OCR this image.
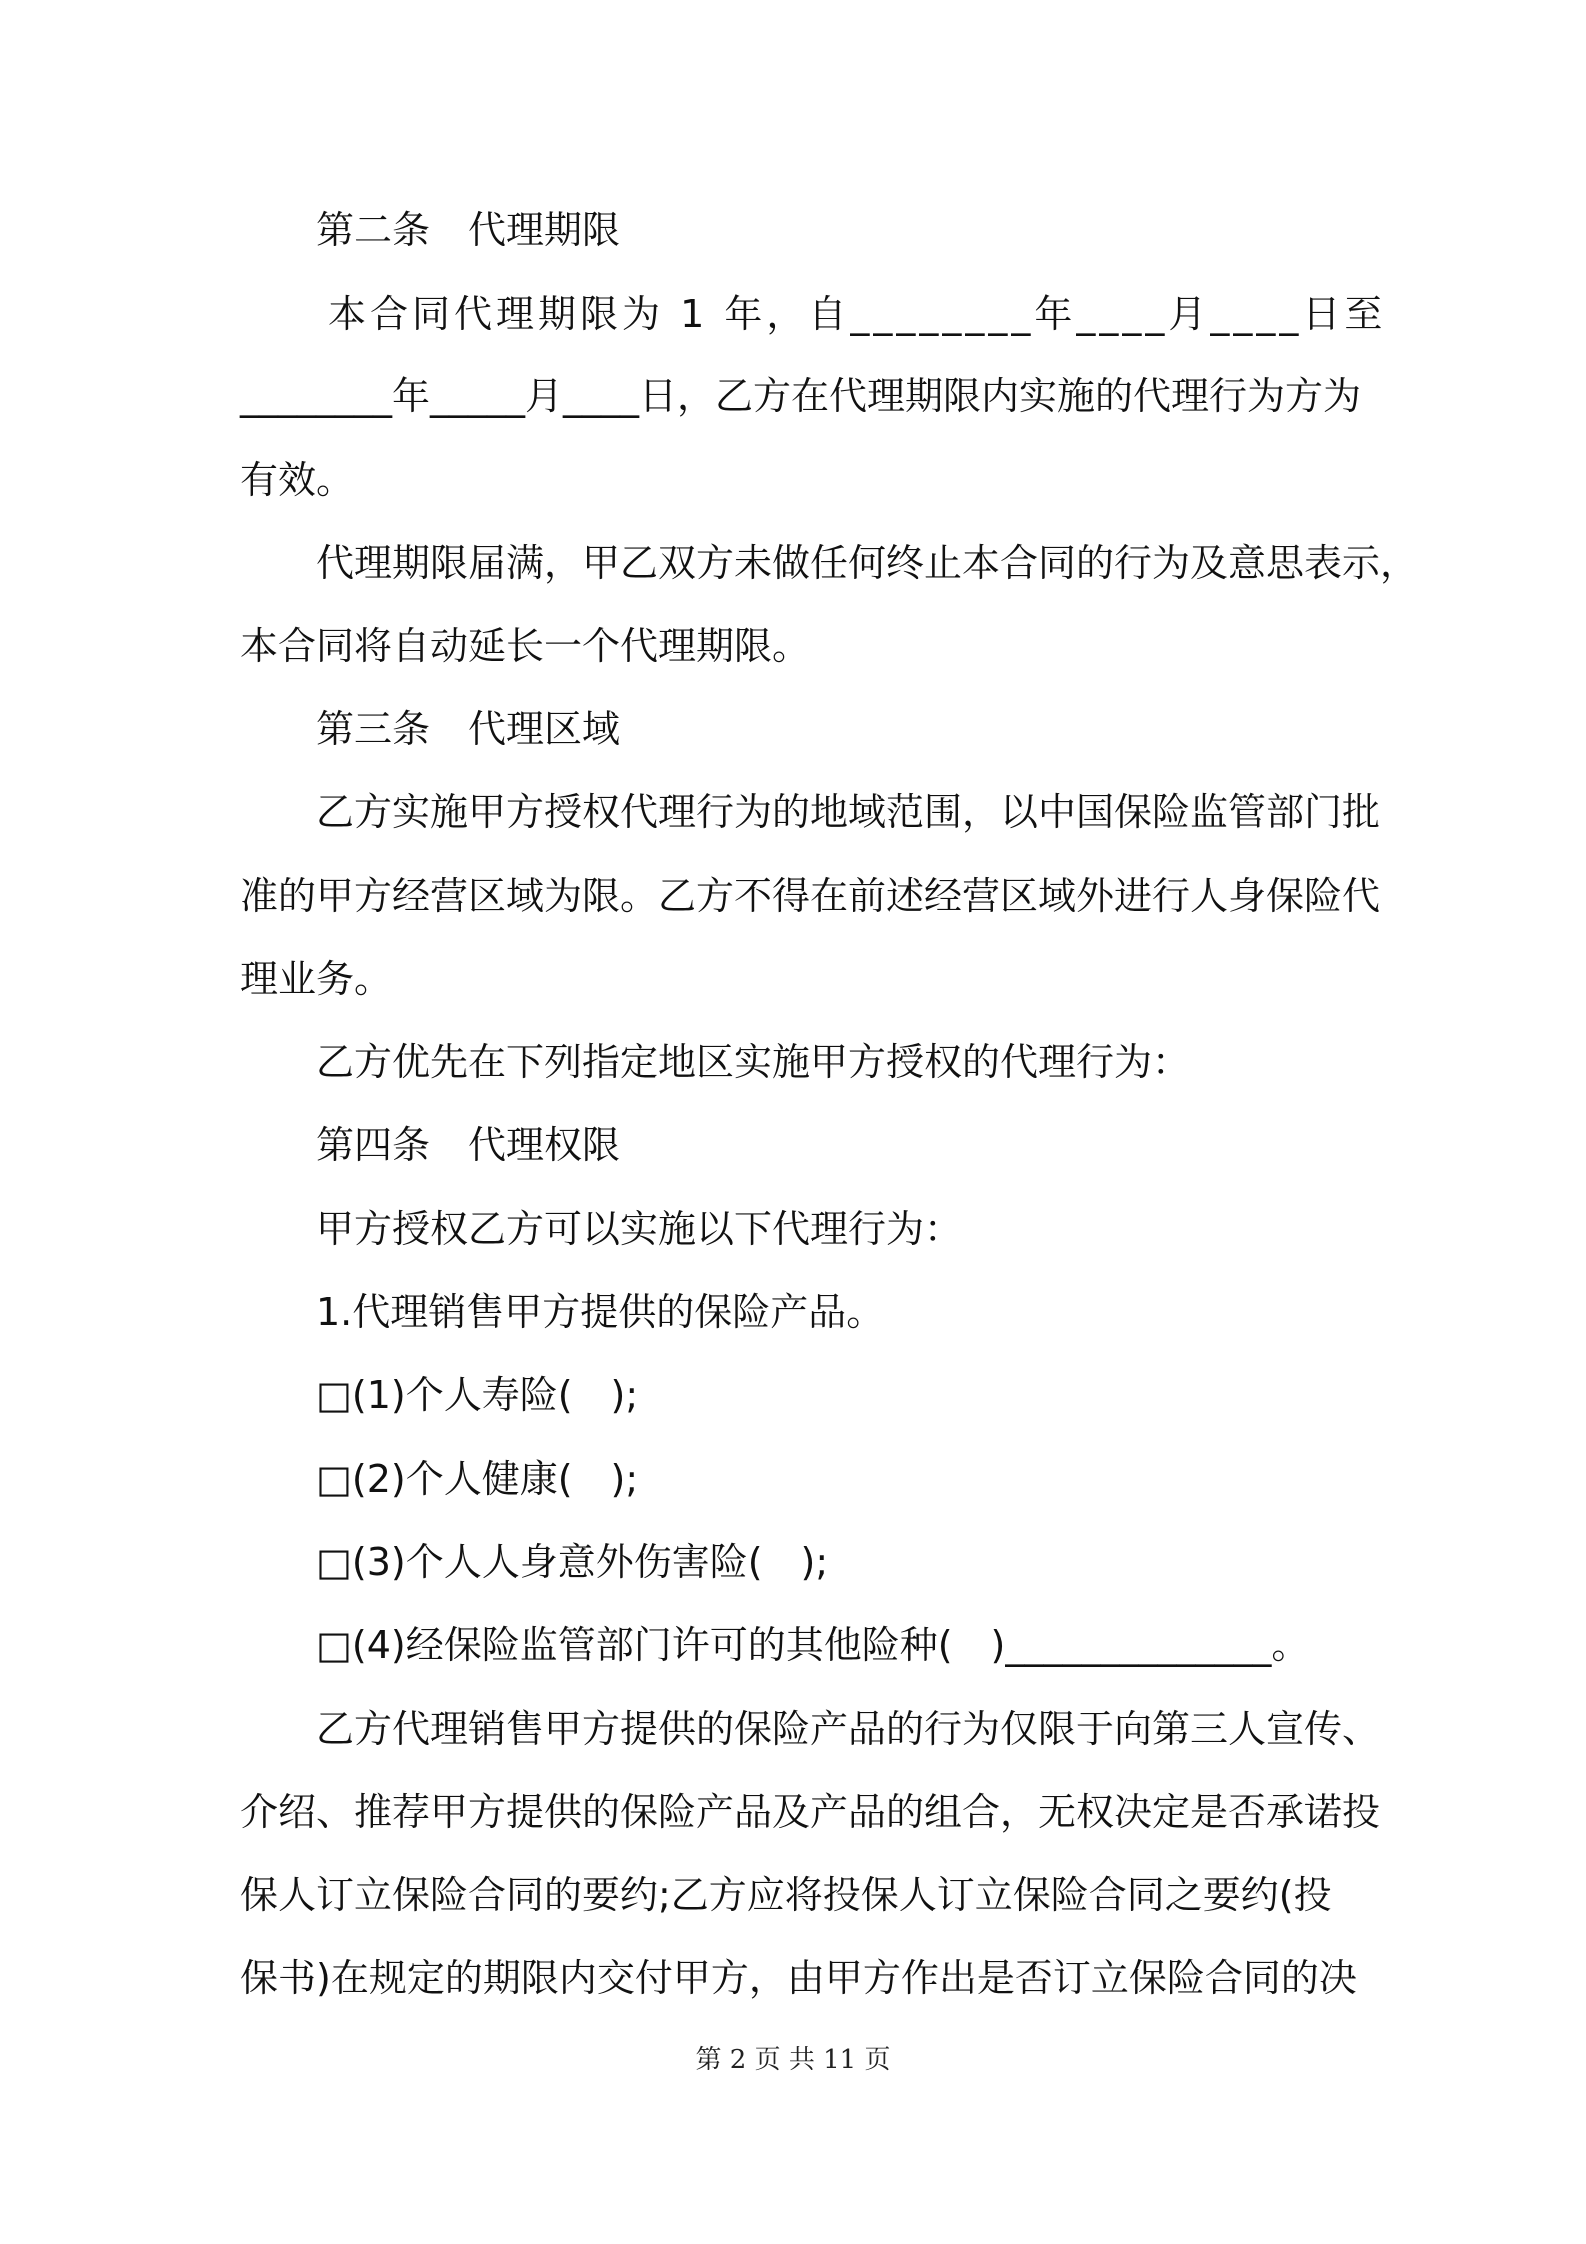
第二条　代理期限
本合同代理期限为 1 年，自________年____月____日至
________年_____月____日，乙方在代理期限内实施的代理行为方为
有效。
代理期限届满，甲乙双方未做任何终止本合同的行为及意思表示，
本合同将自动延长一个代理期限。
第三条　代理区域
乙方实施甲方授权代理行为的地域范围，以中国保险监管部门批
准的甲方经营区域为限。乙方不得在前述经营区域外进行人身保险代
理业务。
乙方优先在下列指定地区实施甲方授权的代理行为：
第四条　代理权限
甲方授权乙方可以实施以下代理行为：
1.代理销售甲方提供的保险产品。
□(1)个人寿险(　);
□(2)个人健康(　);
□(3)个人人身意外伤害险(　);
□(4)经保险监管部门许可的其他险种(　)______________。
乙方代理销售甲方提供的保险产品的行为仅限于向第三人宣传、
介绍、推荐甲方提供的保险产品及产品的组合，无权决定是否承诺投
保人订立保险合同的要约;乙方应将投保人订立保险合同之要约(投
保书)在规定的期限内交付甲方，由甲方作出是否订立保险合同的决
第 2 页 共 11 页
